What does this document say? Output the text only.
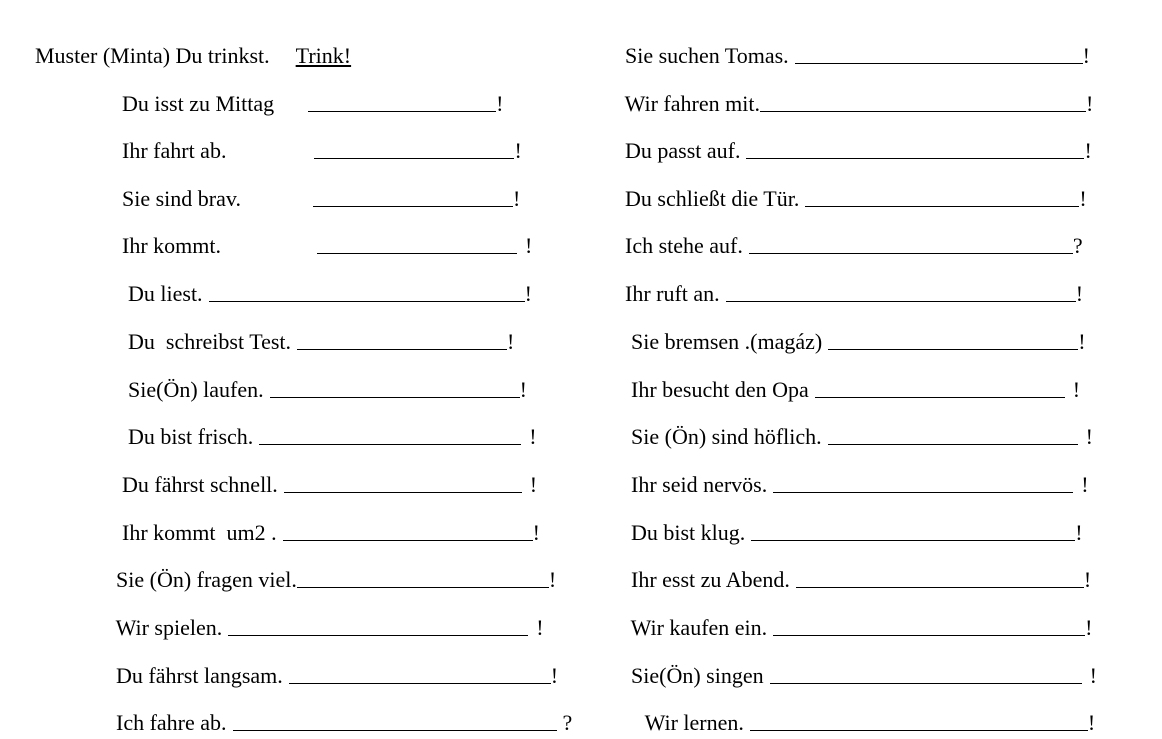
Muster (Minta) Du trinkst. Trink!

Du isst zu Mittag	!

Ihr fahrt ab.	!

Sie sind brav.	!

Ihr kommt.	!

Du liest.	!

Du  schreibst Test.	!

Sie(Ön) laufen.	!

Du bist frisch.	!

Du fährst schnell.	!

Ihr kommt  um2 .	!

Sie (Ön) fragen viel.	!

Wir spielen.	!

Du fährst langsam.	!

Ich fahre ab.	?

Sie suchen Tomas.	!

Wir fahren mit.	!

Du passt auf.	!

Du schließt die Tür.	!

Ich stehe auf.	?

Ihr ruft an.	!

Sie bremsen .(magáz)	!

Ihr besucht den Opa	!

Sie (Ön) sind höflich.	!

Ihr seid nervös.	!

Du bist klug.	!

Ihr esst zu Abend.	!

Wir kaufen ein.	!

Sie(Ön) singen	!

Wir lernen.	!
